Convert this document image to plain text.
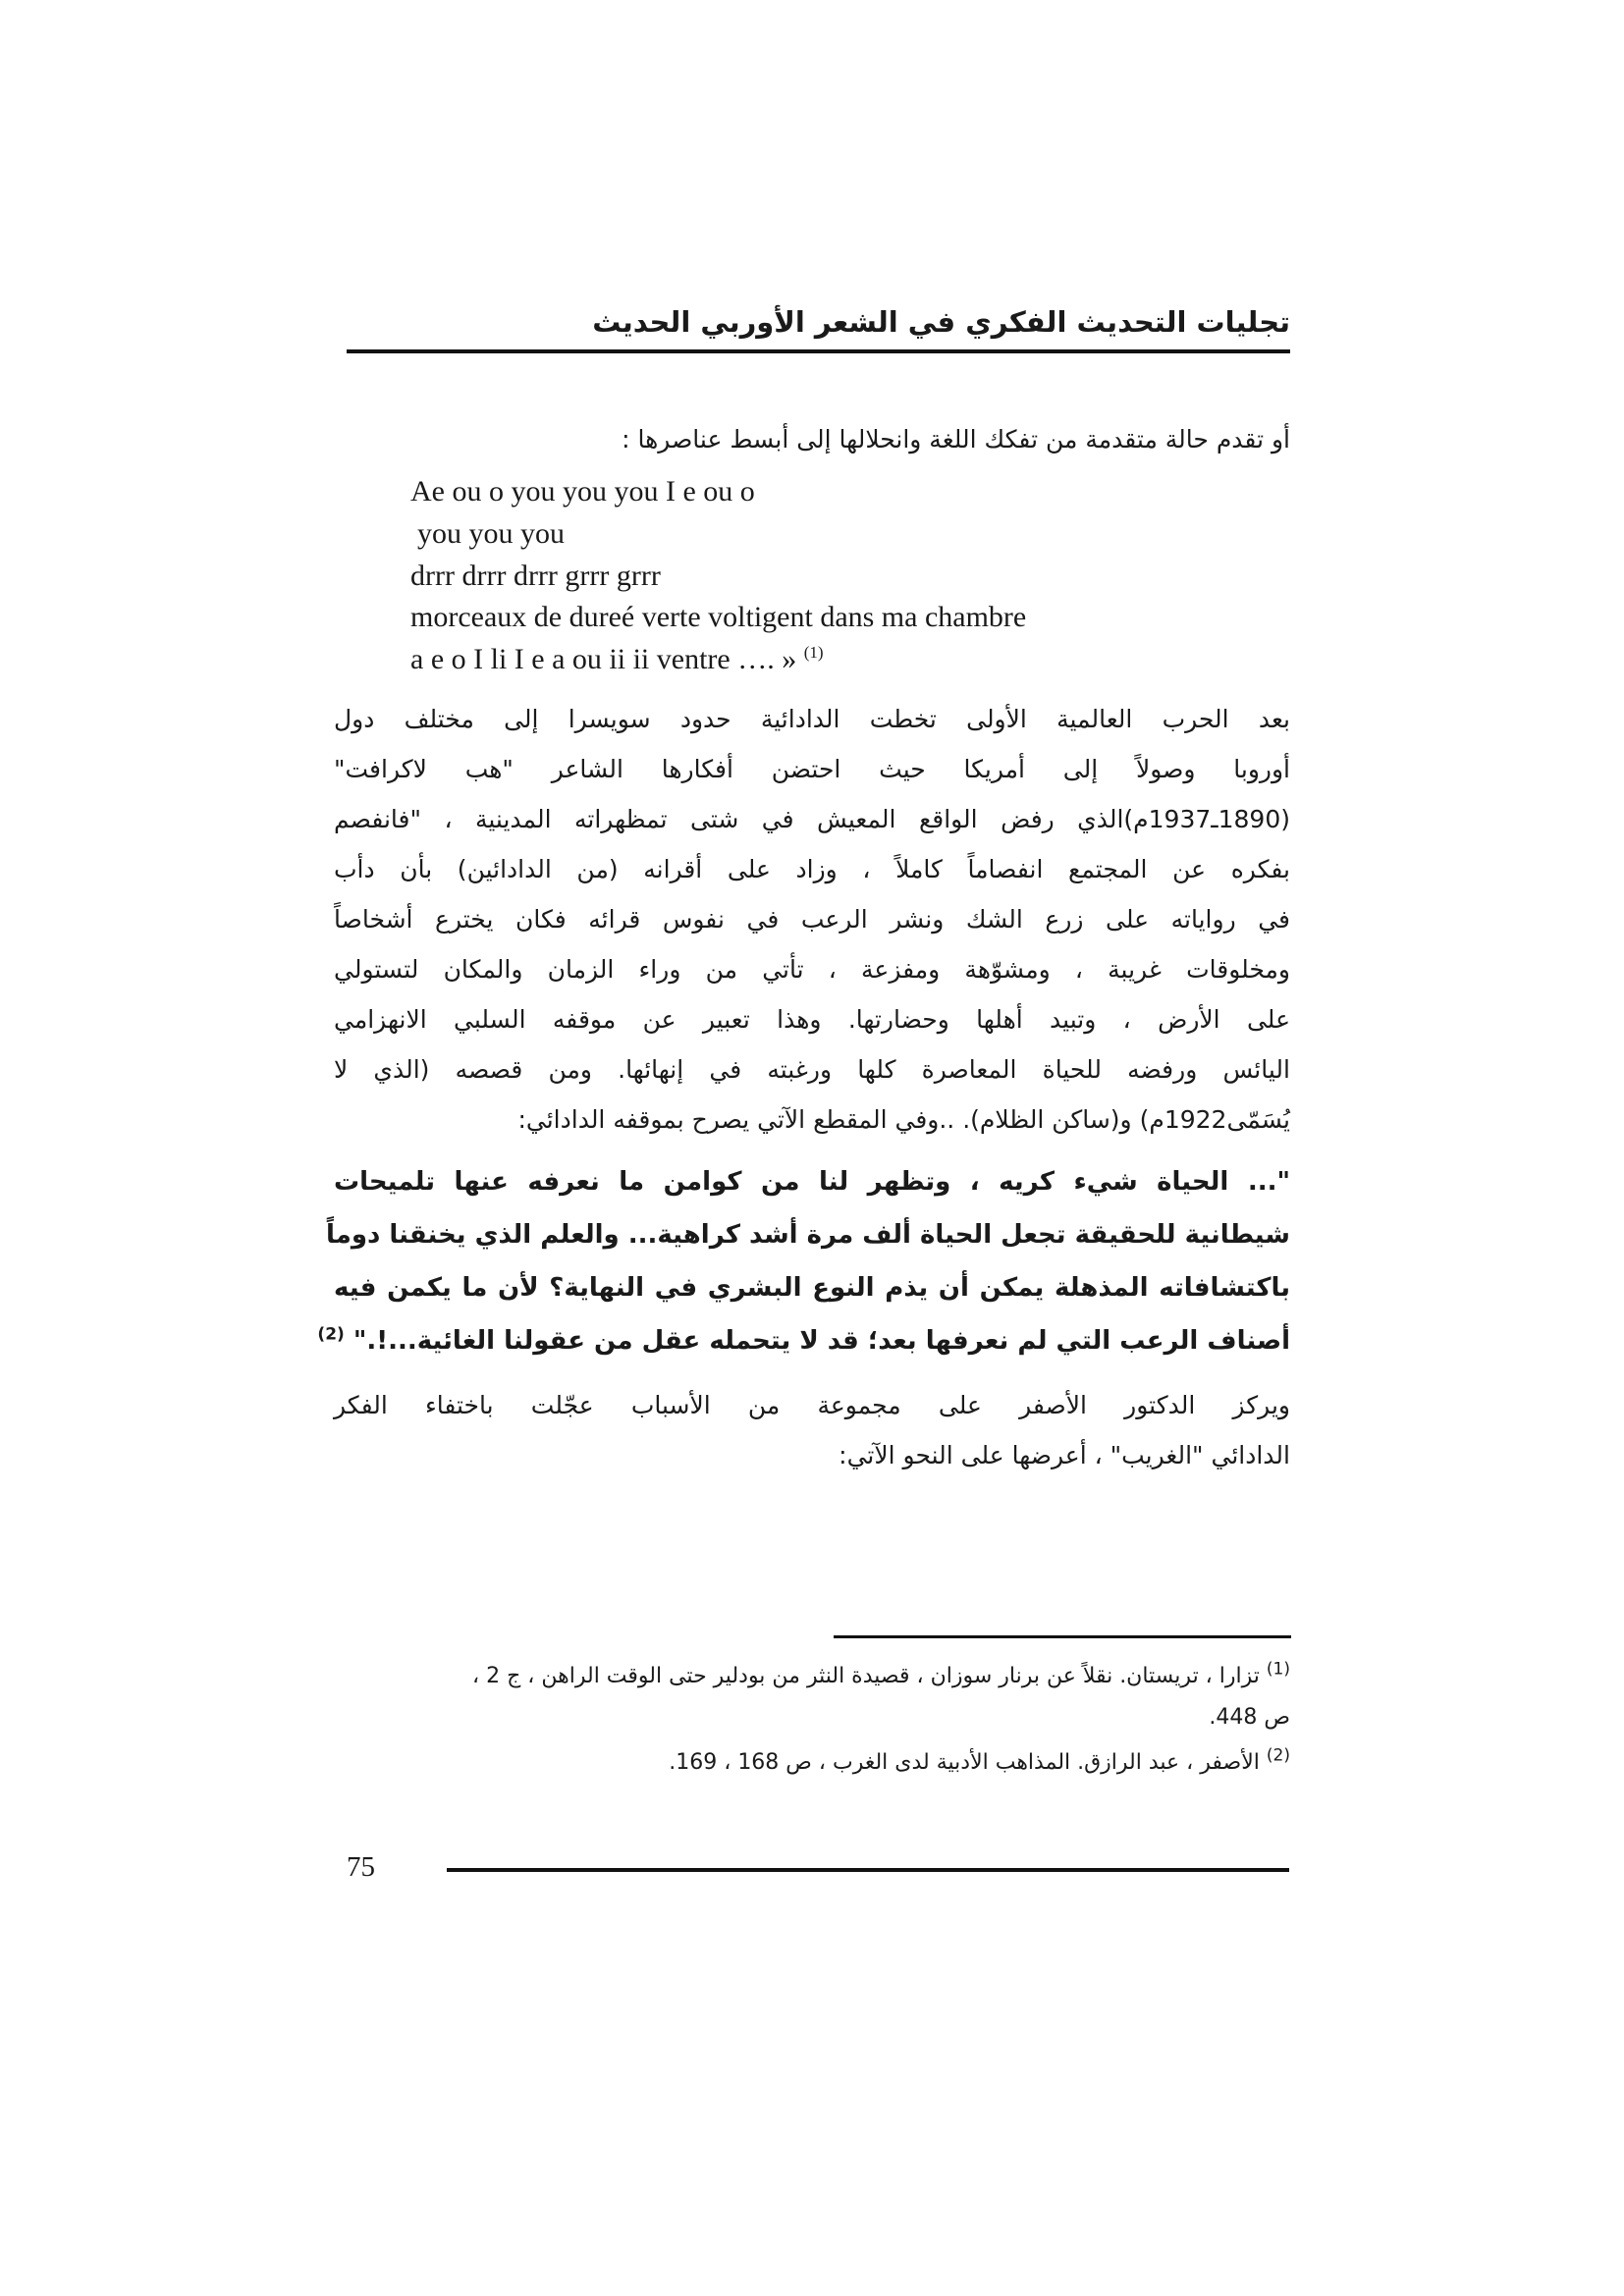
تجليات التحديث الفكري في الشعر الأوربي الحديث
أو تقدم حالة متقدمة من تفكك اللغة وانحلالها إلى أبسط عناصرها :
Ae ou o you you you I e ou o
you you you
drrr drrr drrr grrr grrr
morceaux de dureé verte voltigent dans ma chambre
a e o I li I e a ou ii ii ventre …. » $^{(1)}$
بعد الحرب العالمية الأولى تخطت الدادائية حدود سويسرا إلى مختلف دول
أوروبا وصولاً إلى أمريكا حيث احتضن أفكارها الشاعر "هب لاكرافت"
(1890ـ1937م)الذي رفض الواقع المعيش في شتى تمظهراته المدينية ، "فانفصم
بفكره عن المجتمع انفصاماً كاملاً ، وزاد على أقرانه (من الدادائين) بأن دأب
في رواياته على زرع الشك ونشر الرعب في نفوس قرائه فكان يخترع أشخاصاً
ومخلوقات غريبة ، ومشوّهة ومفزعة ، تأتي من وراء الزمان والمكان لتستولي
على الأرض ، وتبيد أهلها وحضارتها. وهذا تعبير عن موقفه السلبي الانهزامي
اليائس ورفضه للحياة المعاصرة كلها ورغبته في إنهائها. ومن قصصه (الذي لا
يُسَمّى1922م) و(ساكن الظلام). ..وفي المقطع الآتي يصرح بموقفه الدادائي:
"... الحياة شيء كريه ، وتظهر لنا من كوامن ما نعرفه عنها تلميحات
شيطانية للحقيقة تجعل الحياة ألف مرة أشد كراهية... والعلم الذي يخنقنا دوماً
باكتشافاته المذهلة يمكن أن يذم النوع البشري في النهاية؟ لأن ما يكمن فيه
أصناف الرعب التي لم نعرفها بعد؛ قد لا يتحمله عقل من عقولنا الغائية...!." $^{(2)}$
ويركز الدكتور الأصفر على مجموعة من الأسباب عجّلت باختفاء الفكر
الدادائي "الغريب" ، أعرضها على النحو الآتي:
$^{(1)}$ تزارا ، تريستان. نقلاً عن برنار سوزان ، قصيدة النثر من بودلير حتى الوقت الراهن ، ج 2 ،
ص 448.
$^{(2)}$ الأصفر ، عبد الرازق. المذاهب الأدبية لدى الغرب ، ص 168 ، 169.
75
